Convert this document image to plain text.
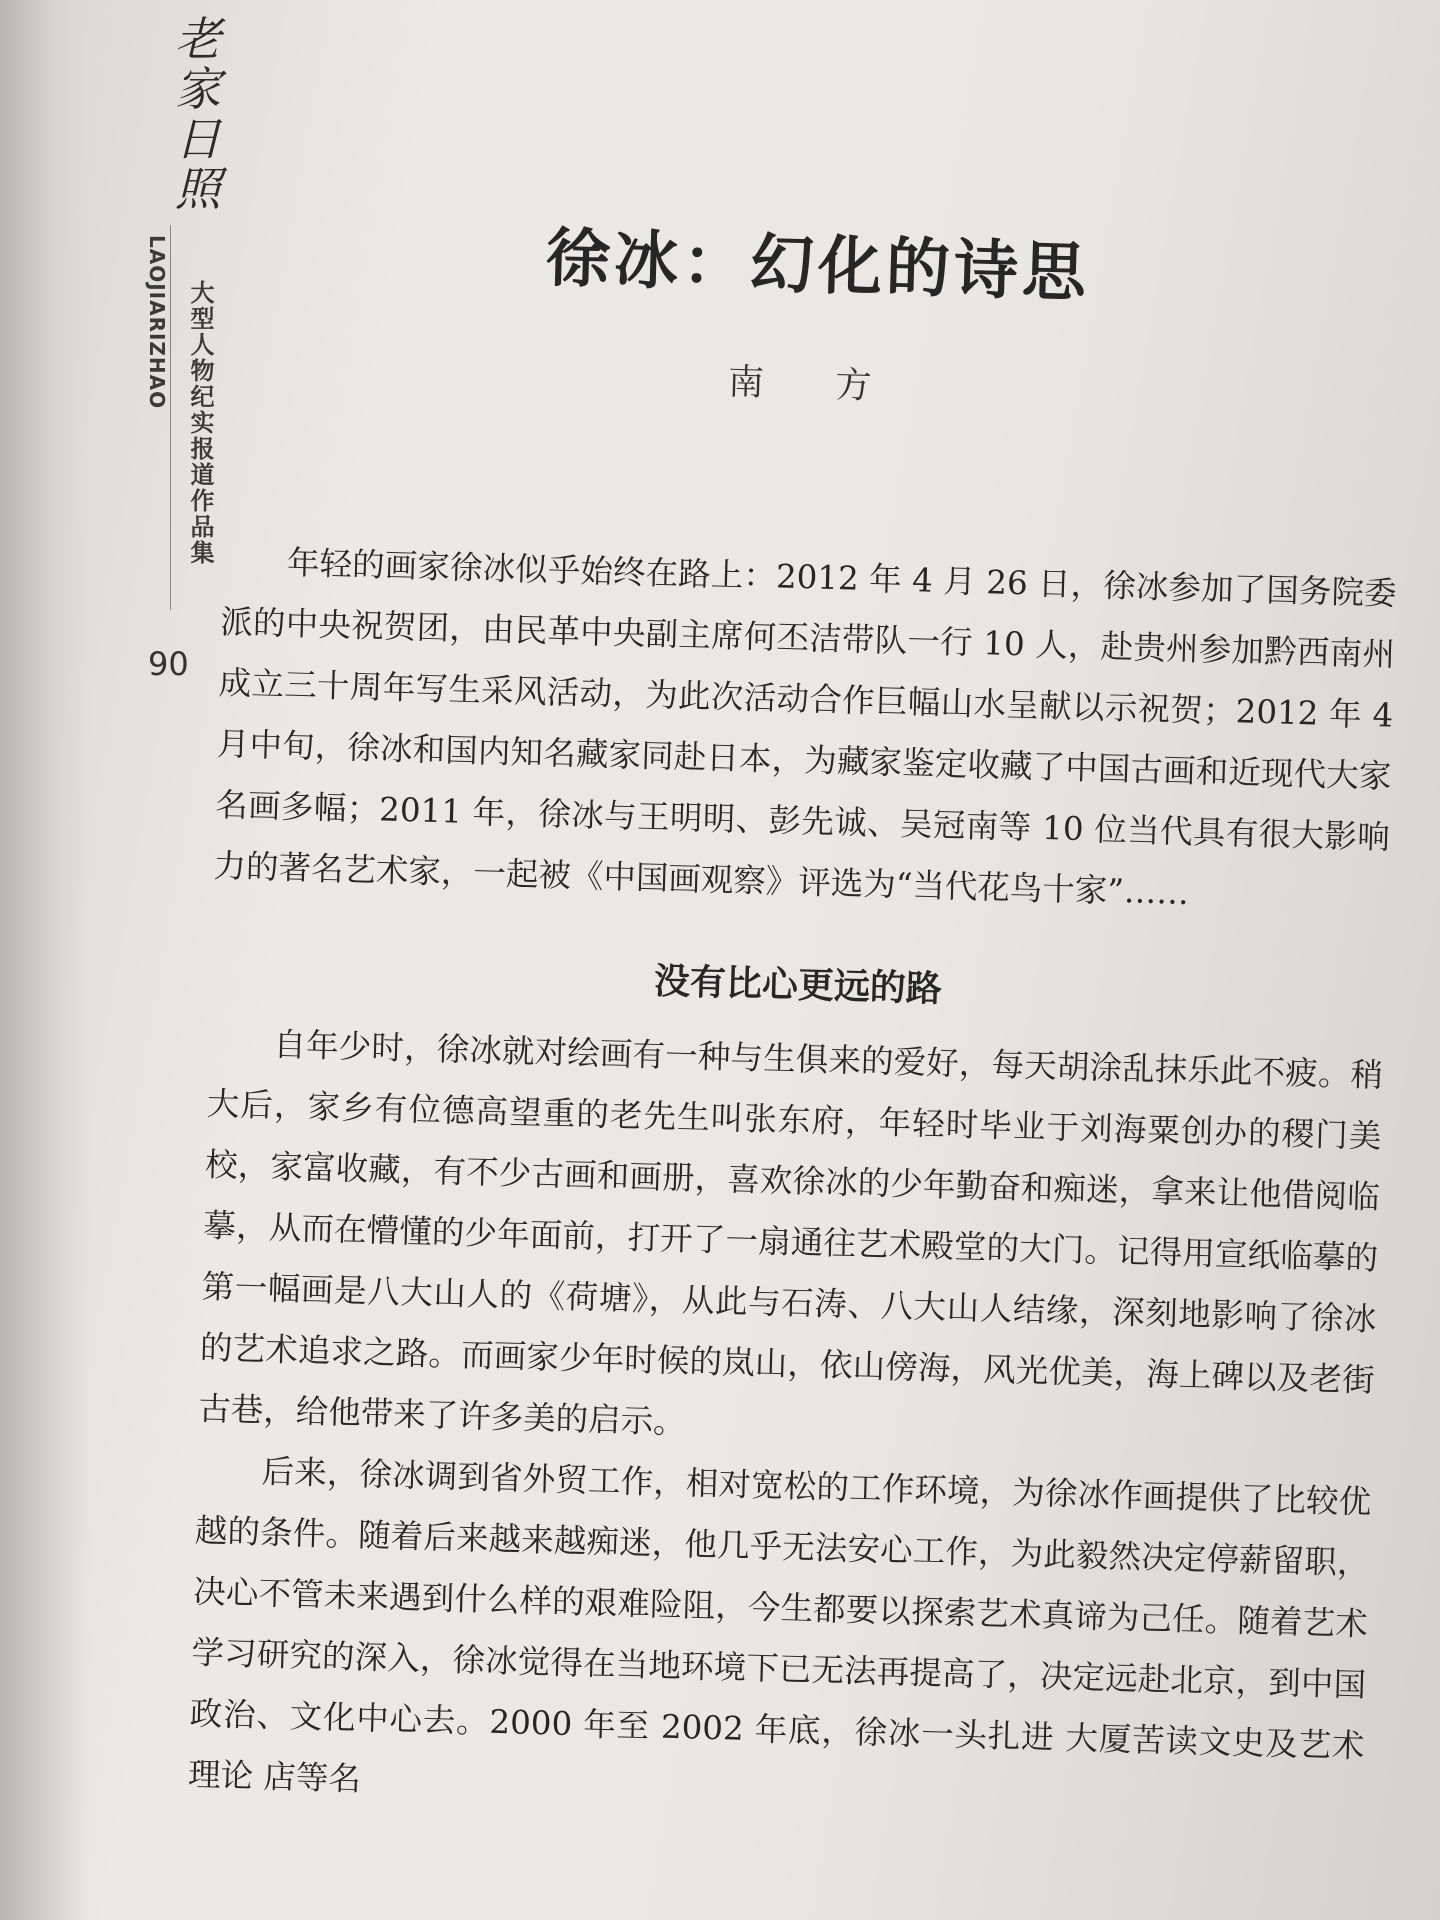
老
家
日
照
LAOJIARIZHAO 大型人物纪实报道作品集
90
徐冰：幻化的诗思

南 方

年轻的画家徐冰似乎始终在路上：2012 年 4 月 26 日，徐冰参加了国务院委派的中央祝贺团，由民革中央副主席何丕洁带队一行 10 人，赴贵州参加黔西南州成立三十周年写生采风活动，为此次活动合作巨幅山水呈献以示祝贺；2012 年 4 月中旬，徐冰和国内知名藏家同赴日本，为藏家鉴定收藏了中国古画和近现代大家名画多幅；2011 年，徐冰与王明明、彭先诚、吴冠南等 10 位当代具有很大影响力的著名艺术家，一起被《中国画观察》评选为“当代花鸟十家”……

没有比心更远的路

自年少时，徐冰就对绘画有一种与生俱来的爱好，每天胡涂乱抹乐此不疲。稍大后，家乡有位德高望重的老先生叫张东府，年轻时毕业于刘海粟创办的稷门美校，家富收藏，有不少古画和画册，喜欢徐冰的少年勤奋和痴迷，拿来让他借阅临摹，从而在懵懂的少年面前，打开了一扇通往艺术殿堂的大门。记得用宣纸临摹的第一幅画是八大山人的《荷塘》，从此与石涛、八大山人结缘，深刻地影响了徐冰的艺术追求之路。而画家少年时候的岚山，依山傍海，风光优美，海上碑以及老街古巷，给他带来了许多美的启示。

后来，徐冰调到省外贸工作，相对宽松的工作环境，为徐冰作画提供了比较优越的条件。随着后来越来越痴迷，他几乎无法安心工作，为此毅然决定停薪留职，决心不管未来遇到什么样的艰难险阻，今生都要以探索艺术真谛为己任。随着艺术学习研究的深入，徐冰觉得在当地环境下已无法再提高了，决定远赴北京，到中国政治、文化中心去。2000 年至 2002 年底，徐冰一头扎进 大厦苦读文史及艺术理论 店等名
